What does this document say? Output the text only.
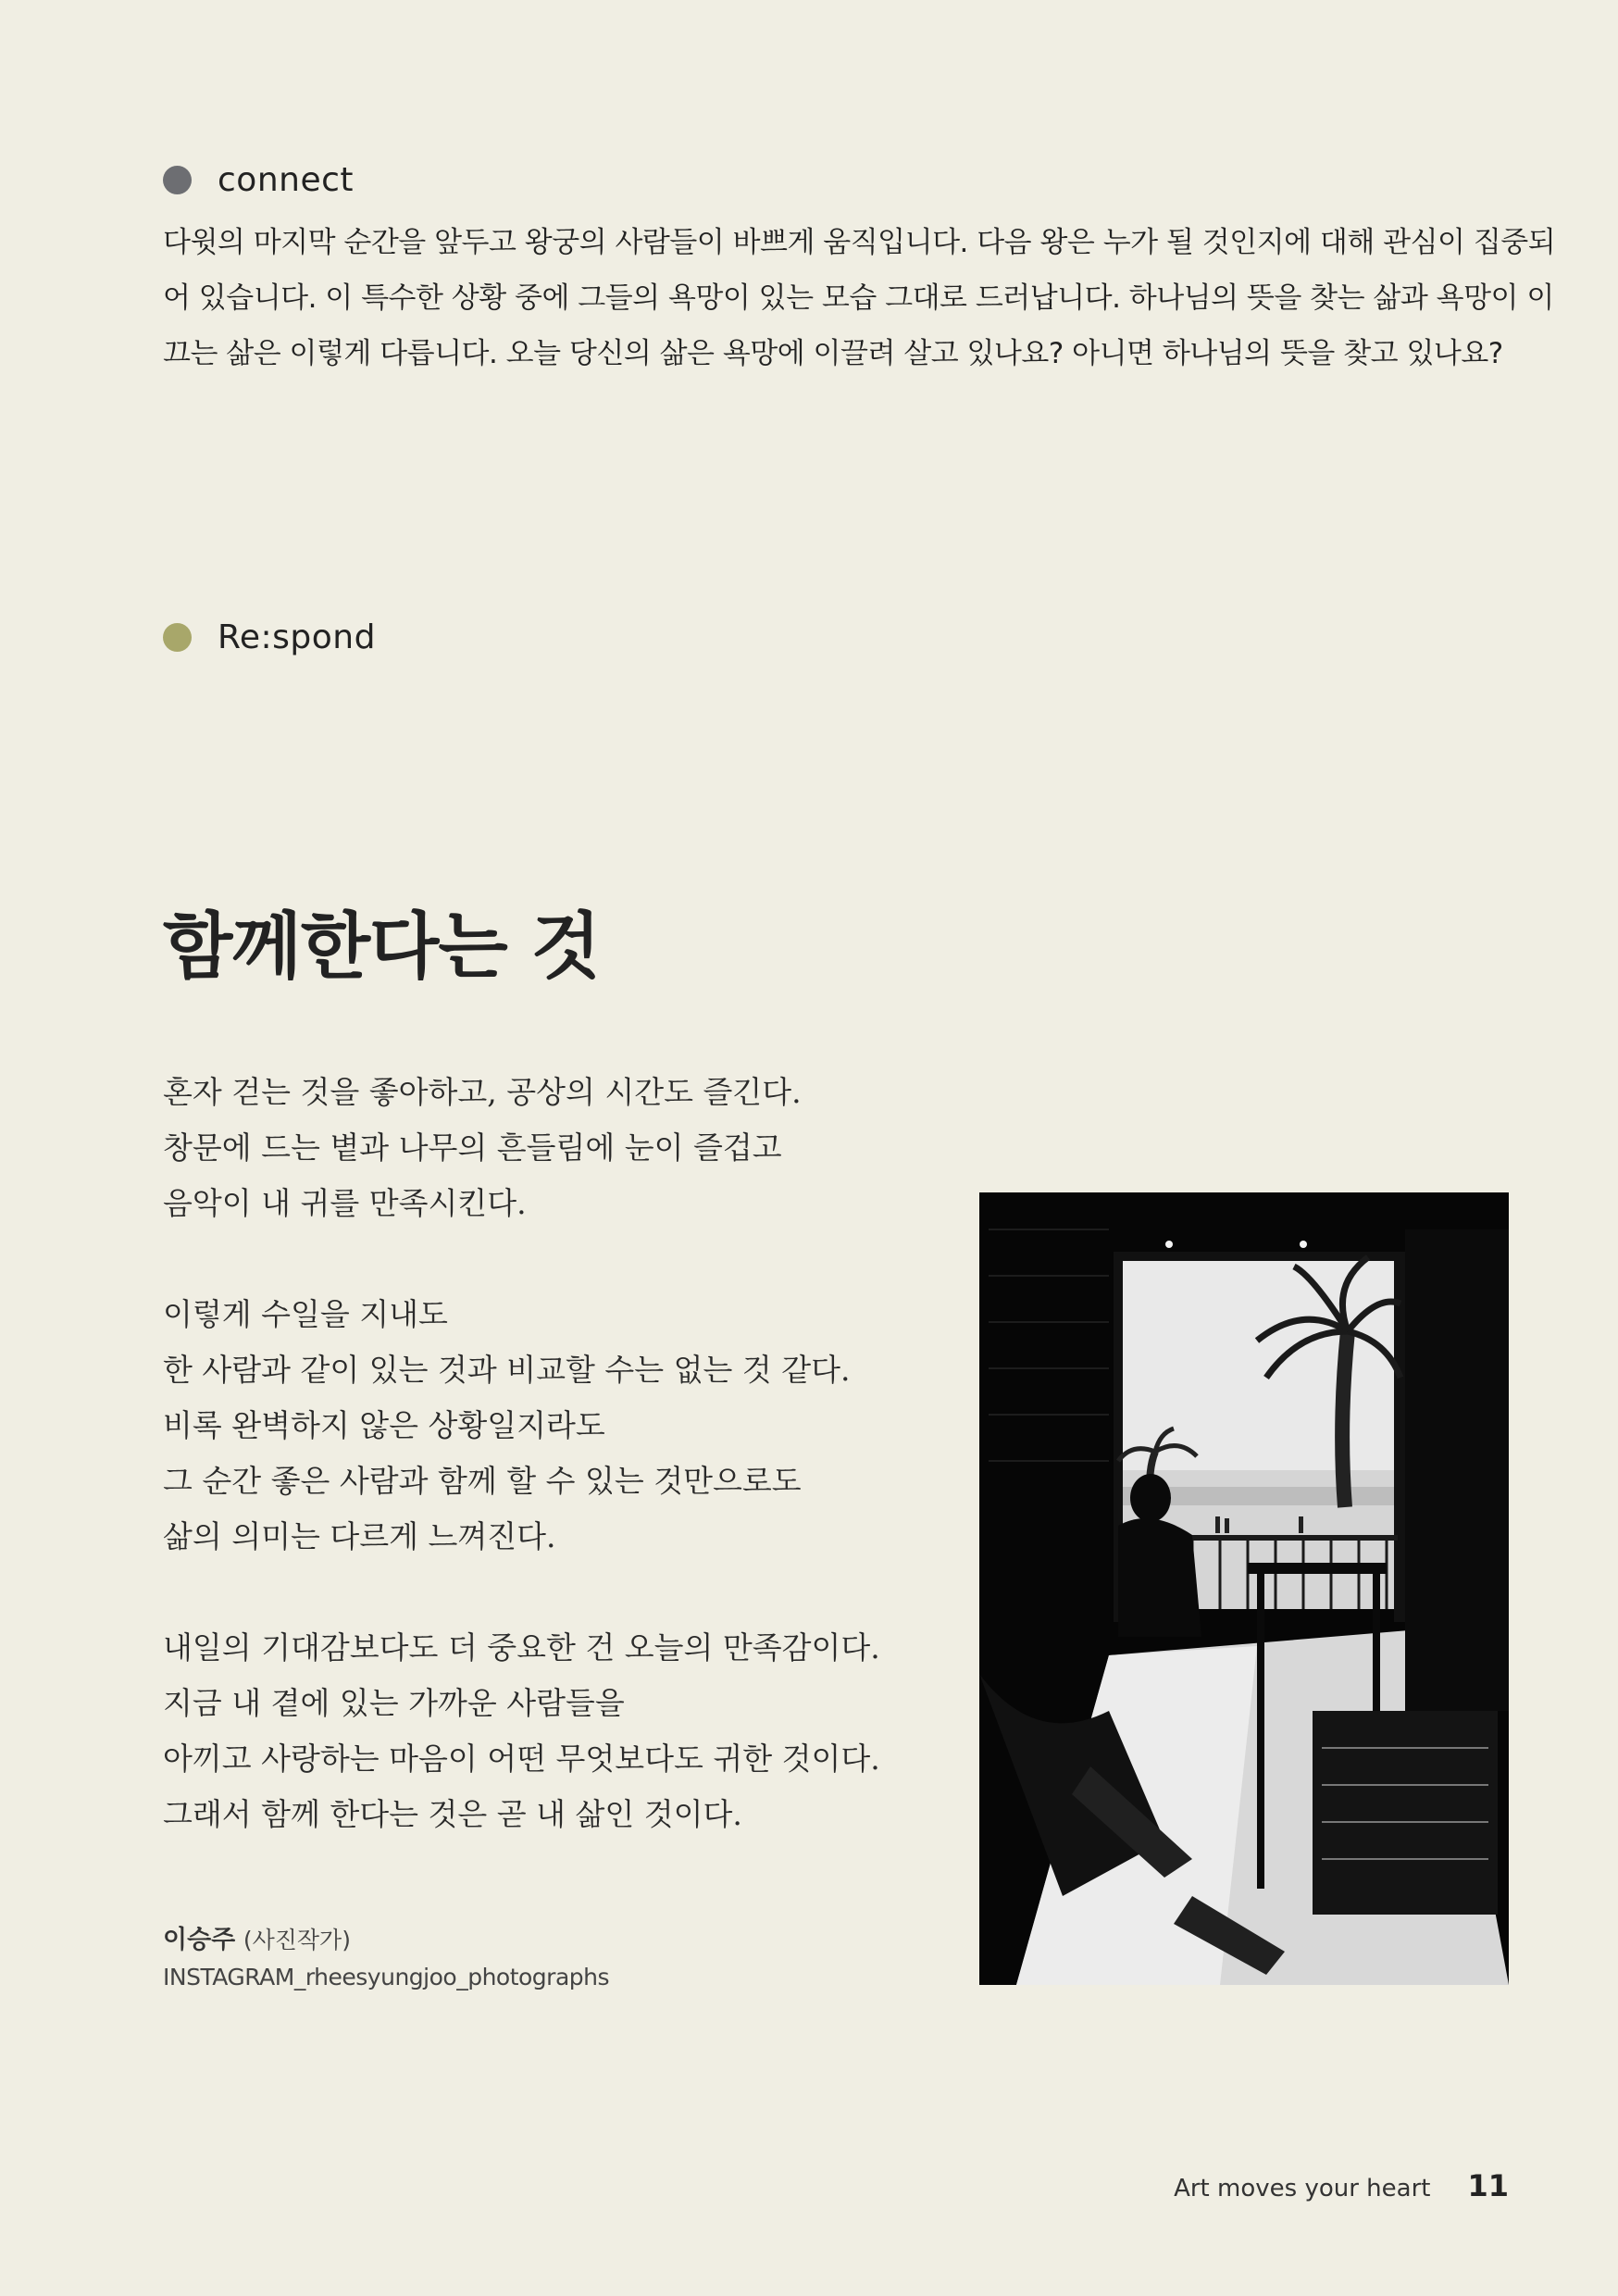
connect
다윗의 마지막 순간을 앞두고 왕궁의 사람들이 바쁘게 움직입니다. 다음 왕은 누가 될 것인지에 대해 관심이 집중되
어 있습니다. 이 특수한 상황 중에 그들의 욕망이 있는 모습 그대로 드러납니다. 하나님의 뜻을 찾는 삶과 욕망이 이
끄는 삶은 이렇게 다릅니다. 오늘 당신의 삶은 욕망에 이끌려 살고 있나요? 아니면 하나님의 뜻을 찾고 있나요?
Re:spond
함께한다는 것
혼자 걷는 것을 좋아하고, 공상의 시간도 즐긴다.
창문에 드는 볕과 나무의 흔들림에 눈이 즐겁고
음악이 내 귀를 만족시킨다.
이렇게 수일을 지내도
한 사람과 같이 있는 것과 비교할 수는 없는 것 같다.
비록 완벽하지 않은 상황일지라도
그 순간 좋은 사람과 함께 할 수 있는 것만으로도
삶의 의미는 다르게 느껴진다.
내일의 기대감보다도 더 중요한 건 오늘의 만족감이다.
지금 내 곁에 있는 가까운 사람들을
아끼고 사랑하는 마음이 어떤 무엇보다도 귀한 것이다.
그래서 함께 한다는 것은 곧 내 삶인 것이다.
이승주 (사진작가)
INSTAGRAM_rheesyungjoo_photographs
Art moves your heart 11
